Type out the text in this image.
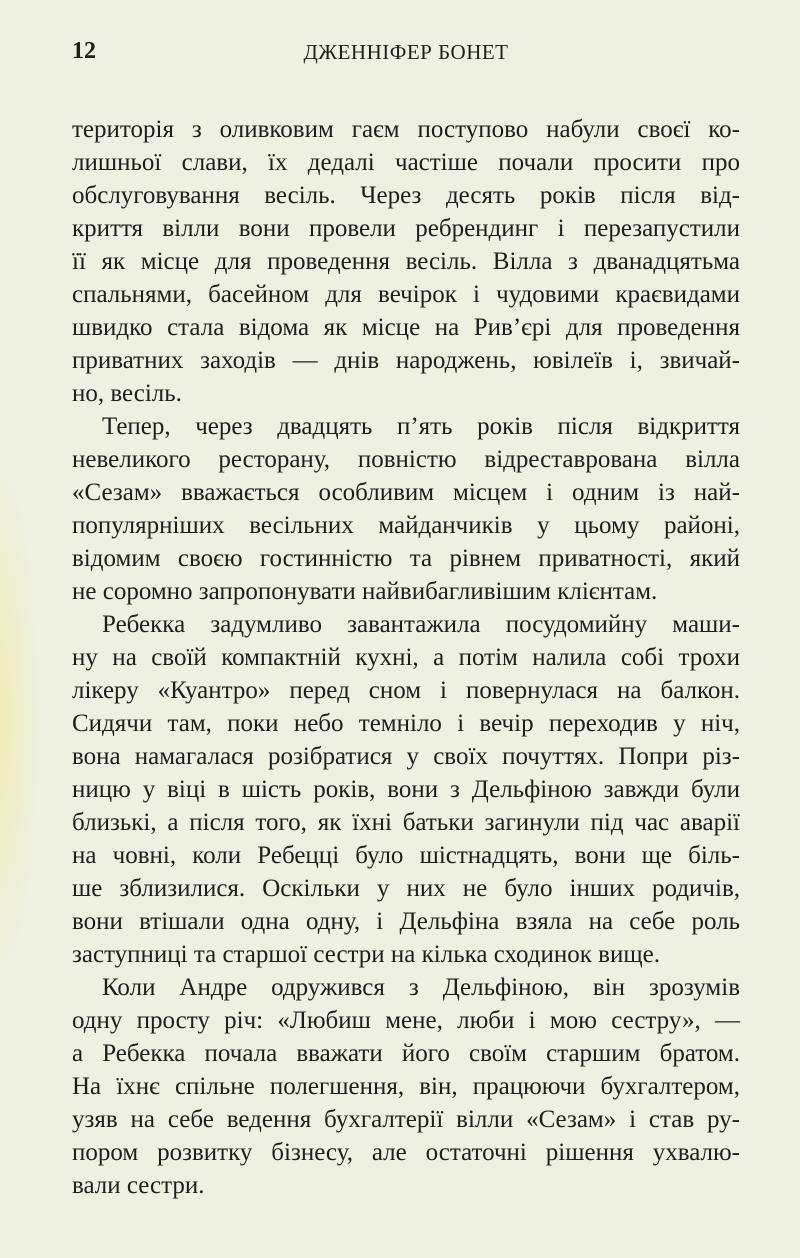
12	ДЖЕННІФЕР БОНЕТ
територія з оливковим гаєм поступово набули своєї ко-
лишньої слави, їх дедалі частіше почали просити про
обслуговування весіль. Через десять років після від-
криття вілли вони провели ребрендинг і перезапустили
її як місце для проведення весіль. Вілла з дванадцятьма
спальнями, басейном для вечірок і чудовими краєвидами
швидко стала відома як місце на Рив’єрі для проведення
приватних заходів — днів народжень, ювілеїв і, звичай-
но, весіль.
Тепер, через двадцять п’ять років після відкриття
невеликого ресторану, повністю відреставрована вілла
«Сезам» вважається особливим місцем і одним із най-
популярніших весільних майданчиків у цьому районі,
відомим своєю гостинністю та рівнем приватності, який
не соромно запропонувати найвибагливішим клієнтам.
Ребекка задумливо завантажила посудомийну маши-
ну на своїй компактній кухні, а потім налила собі трохи
лікеру «Куантро» перед сном і повернулася на балкон.
Сидячи там, поки небо темніло і вечір переходив у ніч,
вона намагалася розібратися у своїх почуттях. Попри різ-
ницю у віці в шість років, вони з Дельфіною завжди були
близькі, а після того, як їхні батьки загинули під час аварії
на човні, коли Ребецці було шістнадцять, вони ще біль-
ше зблизилися. Оскільки у них не було інших родичів,
вони втішали одна одну, і Дельфіна взяла на себе роль
заступниці та старшої сестри на кілька сходинок вище.
Коли Андре одружився з Дельфіною, він зрозумів
одну просту річ: «Любиш мене, люби і мою сестру», —
а Ребекка почала вважати його своїм старшим братом.
На їхнє спільне полегшення, він, працюючи бухгалтером,
узяв на себе ведення бухгалтерії вілли «Сезам» і став ру-
пором розвитку бізнесу, але остаточні рішення ухвалю-
вали сестри.
